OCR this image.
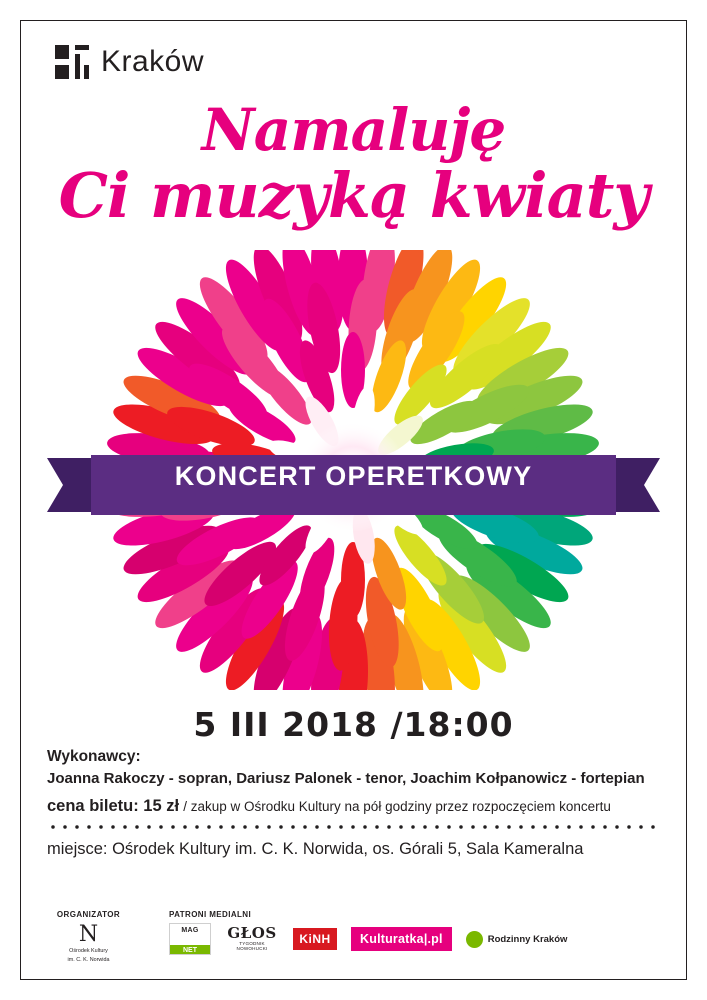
Kraków
Namaluję
Ci muzyką kwiaty
KONCERT OPERETKOWY
5 III 2018 /18:00
Wykonawcy:
Joanna Rakoczy - sopran, Dariusz Palonek - tenor, Joachim Kołpanowicz - fortepian
cena biletu: 15 zł / zakup w Ośrodku Kultury na pół godziny przez rozpoczęciem koncertu
miejsce: Ośrodek Kultury im. C. K. Norwida, os. Górali 5, Sala Kameralna
ORGANIZATOR
N
Ośrodek Kultury
im. C. K. Norwida
PATRONI MEDIALNI
MAG
NET
GŁOS
TYGODNIK NOWOHUCKI
KiNH	Kulturatka|.pl	Rodzinny Kraków
